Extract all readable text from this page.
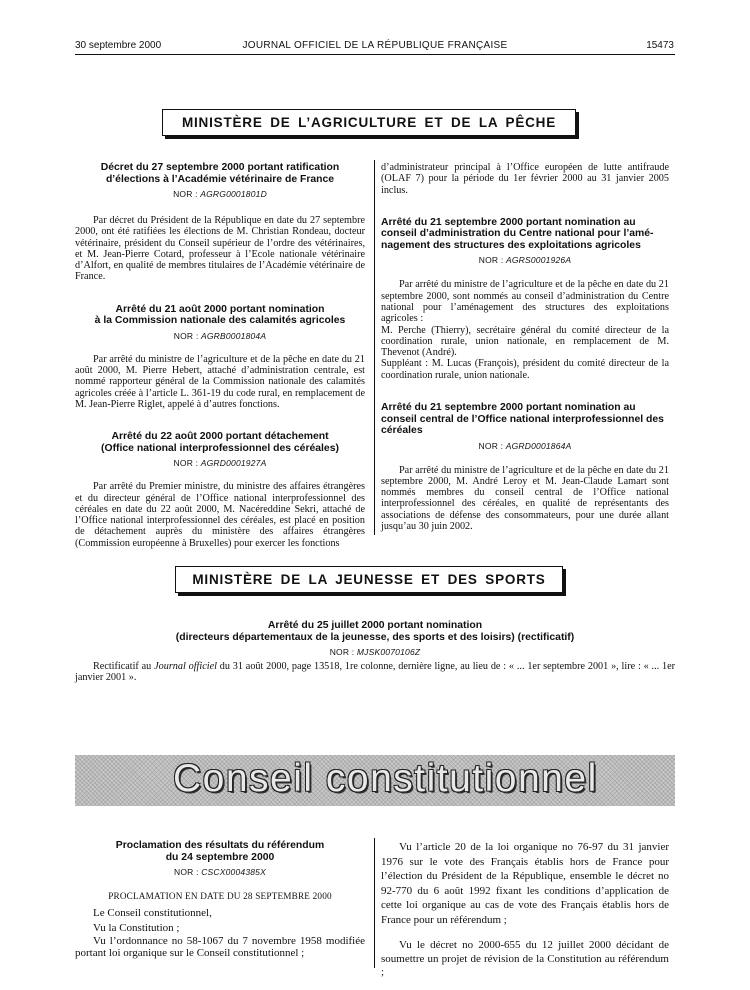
30 septembre 2000	JOURNAL OFFICIEL DE LA RÉPUBLIQUE FRANÇAISE	15473
MINISTÈRE DE L’AGRICULTURE ET DE LA PÊCHE
Décret du 27 septembre 2000 portant ratification
d’élections à l’Académie vétérinaire de France
NOR : AGRG0001801D

Par décret du Président de la République en date du 27 septembre 2000, ont été ratifiées les élections de M. Christian Rondeau, docteur vétérinaire, président du Conseil supérieur de l’ordre des vétérinaires, et M. Jean-Pierre Cotard, professeur à l’Ecole nationale vétérinaire d’Alfort, en qualité de membres titulaires de l’Académie vétérinaire de France.

Arrêté du 21 août 2000 portant nomination
à la Commission nationale des calamités agricoles
NOR : AGRB0001804A

Par arrêté du ministre de l’agriculture et de la pêche en date du 21 août 2000, M. Pierre Hebert, attaché d’administration centrale, est nommé rapporteur général de la Commission nationale des calamités agricoles créée à l’article L. 361-19 du code rural, en remplacement de M. Jean-Pierre Riglet, appelé à d’autres fonctions.

Arrêté du 22 août 2000 portant détachement
(Office national interprofessionnel des céréales)
NOR : AGRD0001927A

Par arrêté du Premier ministre, du ministre des affaires étrangères et du directeur général de l’Office national interprofessionnel des céréales en date du 22 août 2000, M. Nacéreddine Sekri, attaché de l’Office national interprofessionnel des céréales, est placé en position de détachement auprès du ministère des affaires étrangères (Commission européenne à Bruxelles) pour exercer les fonctions

d’administrateur principal à l’Office européen de lutte antifraude (OLAF 7) pour la période du 1er février 2000 au 31 janvier 2005 inclus.

Arrêté du 21 septembre 2000 portant nomination au
conseil d’administration du Centre national pour l’amé-
nagement des structures des exploitations agricoles
NOR : AGRS0001926A

Par arrêté du ministre de l’agriculture et de la pêche en date du 21 septembre 2000, sont nommés au conseil d’administration du Centre national pour l’aménagement des structures des exploitations agricoles :

M. Perche (Thierry), secrétaire général du comité directeur de la coordination rurale, union nationale, en remplacement de M. Thevenot (André).

Suppléant : M. Lucas (François), président du comité directeur de la coordination rurale, union nationale.

Arrêté du 21 septembre 2000 portant nomination au
conseil central de l’Office national interprofessionnel des
céréales
NOR : AGRD0001864A

Par arrêté du ministre de l’agriculture et de la pêche en date du 21 septembre 2000, M. André Leroy et M. Jean-Claude Lamart sont nommés membres du conseil central de l’Office national interprofessionnel des céréales, en qualité de représentants des associations de défense des consommateurs, pour une durée allant jusqu’au 30 juin 2002.

MINISTÈRE DE LA JEUNESSE ET DES SPORTS
Arrêté du 25 juillet 2000 portant nomination
(directeurs départementaux de la jeunesse, des sports et des loisirs) (rectificatif)
NOR : MJSK0070106Z

Rectificatif au Journal officiel du 31 août 2000, page 13518, 1re colonne, dernière ligne, au lieu de : « ... 1er septembre 2001 », lire : « ... 1er janvier 2001 ».

Conseil constitutionnel
Proclamation des résultats du référendum
du 24 septembre 2000
NOR : CSCX0004385X
PROCLAMATION EN DATE DU 28 SEPTEMBRE 2000

Le Conseil constitutionnel,

Vu la Constitution ;

Vu l’ordonnance no 58-1067 du 7 novembre 1958 modifiée portant loi organique sur le Conseil constitutionnel ;

Vu l’article 20 de la loi organique no 76-97 du 31 janvier 1976 sur le vote des Français établis hors de France pour l’élection du Président de la République, ensemble le décret no 92-770 du 6 août 1992 fixant les conditions d’application de cette loi organique au cas de vote des Français établis hors de France pour un référendum ;

Vu le décret no 2000-655 du 12 juillet 2000 décidant de soumettre un projet de révision de la Constitution au référendum ;
